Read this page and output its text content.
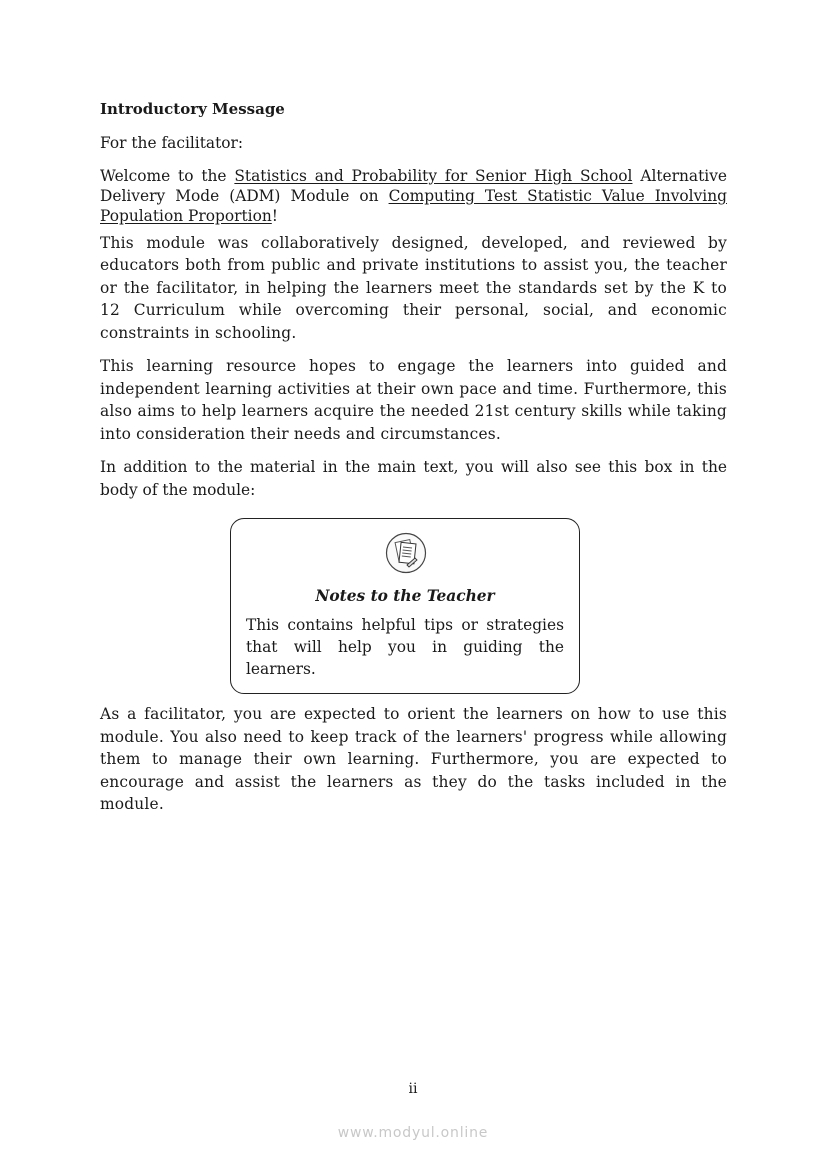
Introductory Message
For the facilitator:
Welcome to the Statistics and Probability for Senior High School Alternative Delivery Mode (ADM) Module on Computing Test Statistic Value Involving Population Proportion!
This module was collaboratively designed, developed, and reviewed by educators both from public and private institutions to assist you, the teacher or the facilitator, in helping the learners meet the standards set by the K to 12 Curriculum while overcoming their personal, social, and economic constraints in schooling.
This learning resource hopes to engage the learners into guided and independent learning activities at their own pace and time. Furthermore, this also aims to help learners acquire the needed 21st century skills while taking into consideration their needs and circumstances.
In addition to the material in the main text, you will also see this box in the body of the module:
Notes to the Teacher
This contains helpful tips or strategies that will help you in guiding the learners.
As a facilitator, you are expected to orient the learners on how to use this module. You also need to keep track of the learners' progress while allowing them to manage their own learning. Furthermore, you are expected to encourage and assist the learners as they do the tasks included in the module.
ii
www.modyul.online
